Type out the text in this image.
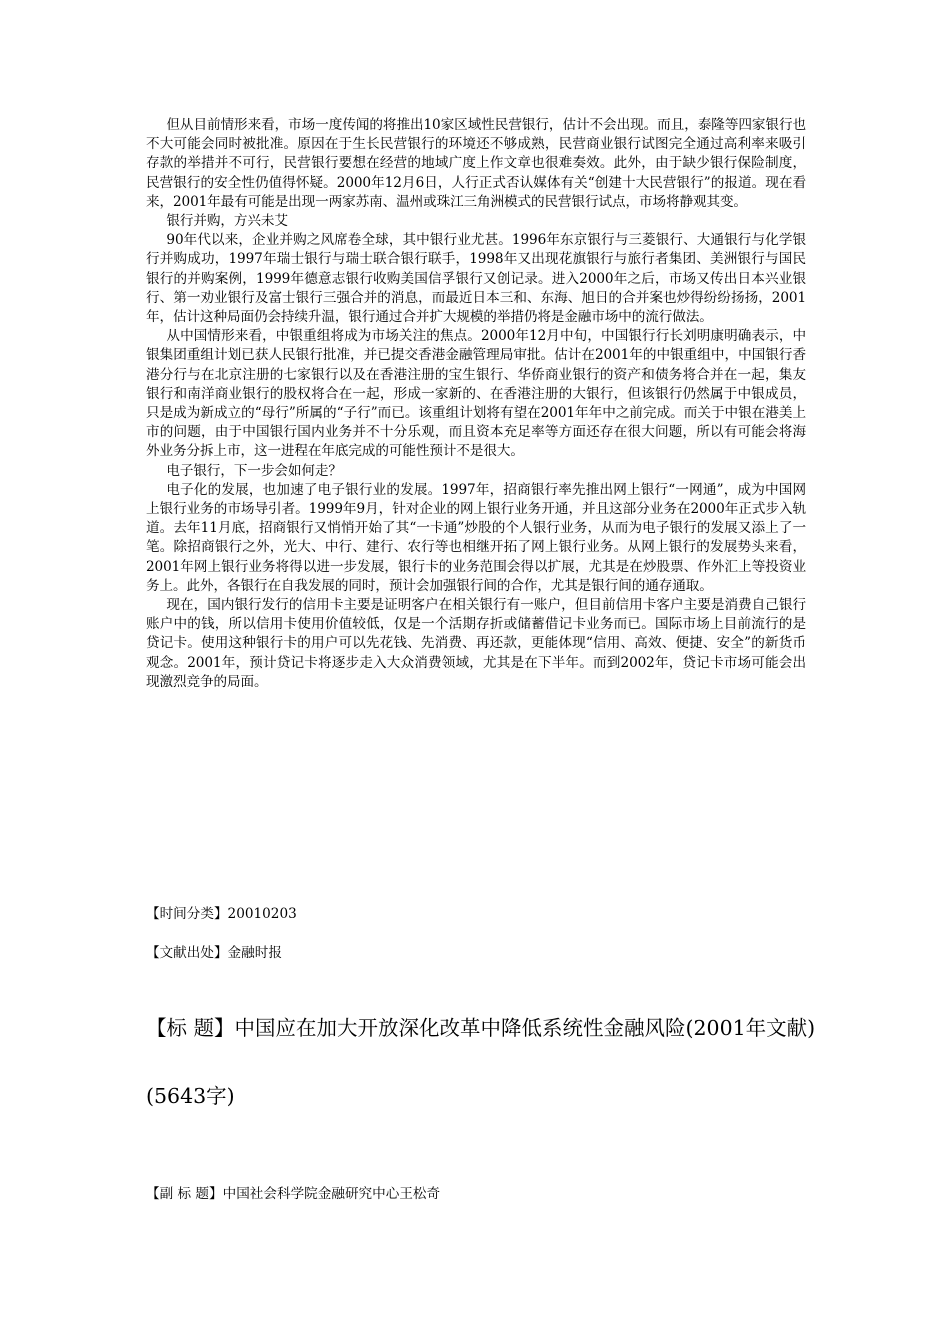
但从目前情形来看，市场一度传闻的将推出10家区域性民营银行，估计不会出现。而且，泰隆等四家银行也不大可能会同时被批准。原因在于生长民营银行的环境还不够成熟，民营商业银行试图完全通过高利率来吸引存款的举措并不可行，民营银行要想在经营的地域广度上作文章也很难奏效。此外，由于缺少银行保险制度，民营银行的安全性仍值得怀疑。2000年12月6日，人行正式否认媒体有关“创建十大民营银行”的报道。现在看来，2001年最有可能是出现一两家苏南、温州或珠江三角洲模式的民营银行试点，市场将静观其变。

银行并购，方兴未艾

90年代以来，企业并购之风席卷全球，其中银行业尤甚。1996年东京银行与三菱银行、大通银行与化学银行并购成功，1997年瑞士银行与瑞士联合银行联手，1998年又出现花旗银行与旅行者集团、美洲银行与国民银行的并购案例，1999年德意志银行收购美国信孚银行又创记录。进入2000年之后，市场又传出日本兴业银行、第一劝业银行及富士银行三强合并的消息，而最近日本三和、东海、旭日的合并案也炒得纷纷扬扬，2001年，估计这种局面仍会持续升温，银行通过合并扩大规模的举措仍将是金融市场中的流行做法。

从中国情形来看，中银重组将成为市场关注的焦点。2000年12月中旬，中国银行行长刘明康明确表示，中银集团重组计划已获人民银行批准，并已提交香港金融管理局审批。估计在2001年的中银重组中，中国银行香港分行与在北京注册的七家银行以及在香港注册的宝生银行、华侨商业银行的资产和债务将合并在一起，集友银行和南洋商业银行的股权将合在一起，形成一家新的、在香港注册的大银行，但该银行仍然属于中银成员，只是成为新成立的“母行”所属的“子行”而已。该重组计划将有望在2001年年中之前完成。而关于中银在港美上市的问题，由于中国银行国内业务并不十分乐观，而且资本充足率等方面还存在很大问题，所以有可能会将海外业务分拆上市，这一进程在年底完成的可能性预计不是很大。

电子银行，下一步会如何走？

电子化的发展，也加速了电子银行业的发展。1997年，招商银行率先推出网上银行“一网通”，成为中国网上银行业务的市场导引者。1999年9月，针对企业的网上银行业务开通，并且这部分业务在2000年正式步入轨道。去年11月底，招商银行又悄悄开始了其“一卡通”炒股的个人银行业务，从而为电子银行的发展又添上了一笔。除招商银行之外，光大、中行、建行、农行等也相继开拓了网上银行业务。从网上银行的发展势头来看，2001年网上银行业务将得以进一步发展，银行卡的业务范围会得以扩展，尤其是在炒股票、作外汇上等投资业务上。此外，各银行在自我发展的同时，预计会加强银行间的合作，尤其是银行间的通存通取。

现在，国内银行发行的信用卡主要是证明客户在相关银行有一账户，但目前信用卡客户主要是消费自己银行账户中的钱，所以信用卡使用价值较低，仅是一个活期存折或储蓄借记卡业务而已。国际市场上目前流行的是贷记卡。使用这种银行卡的用户可以先花钱、先消费、再还款，更能体现“信用、高效、便捷、安全”的新货币观念。2001年，预计贷记卡将逐步走入大众消费领域，尤其是在下半年。而到2002年，贷记卡市场可能会出现激烈竞争的局面。

【时间分类】20010203

【文献出处】金融时报

【标 题】中国应在加大开放深化改革中降低系统性金融风险(2001年文献)(5643字)

【副 标 题】中国社会科学院金融研究中心王松奇
